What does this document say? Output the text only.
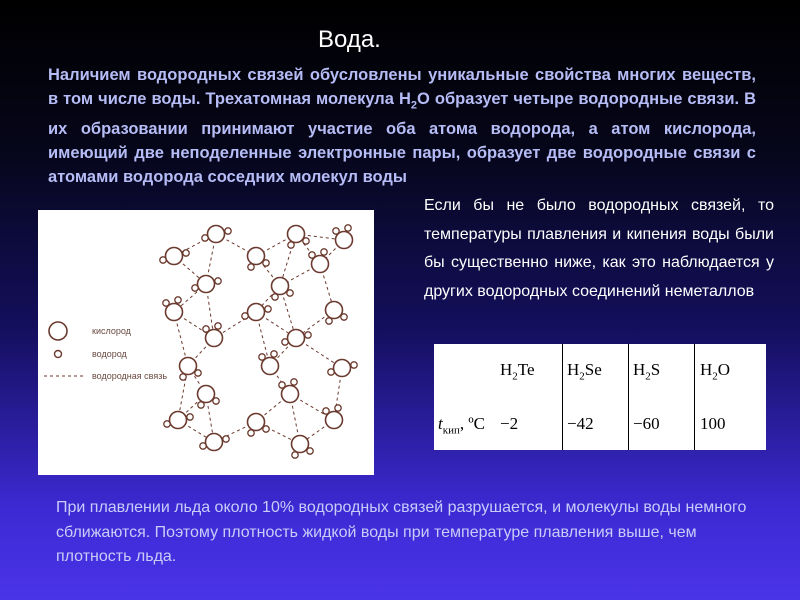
Вода.
Наличием водородных связей обусловлены уникальные свойства многих веществ, в том числе воды. Трехатомная молекула $H_2O$ образует четыре водородные связи. В их образовании принимают участие оба атома водорода, а атом кислорода, имеющий две неподеленные электронные пары, образует две водородные связи с атомами водорода соседних молекул воды
кислород
водород
водородная связь
Если бы не было водородных связей, то температуры плавления и кипения воды были бы существенно ниже, как это наблюдается у других водородных соединений неметаллов
$H_2Te$ $H_2Se$ $H_2S$ $H_2O$
$t_{кип}$, ºС −2	−42 −60 100
При плавлении льда около 10% водородных связей разрушается, и молекулы воды немного сближаются. Поэтому плотность жидкой воды при температуре плавления выше, чем плотность льда.
